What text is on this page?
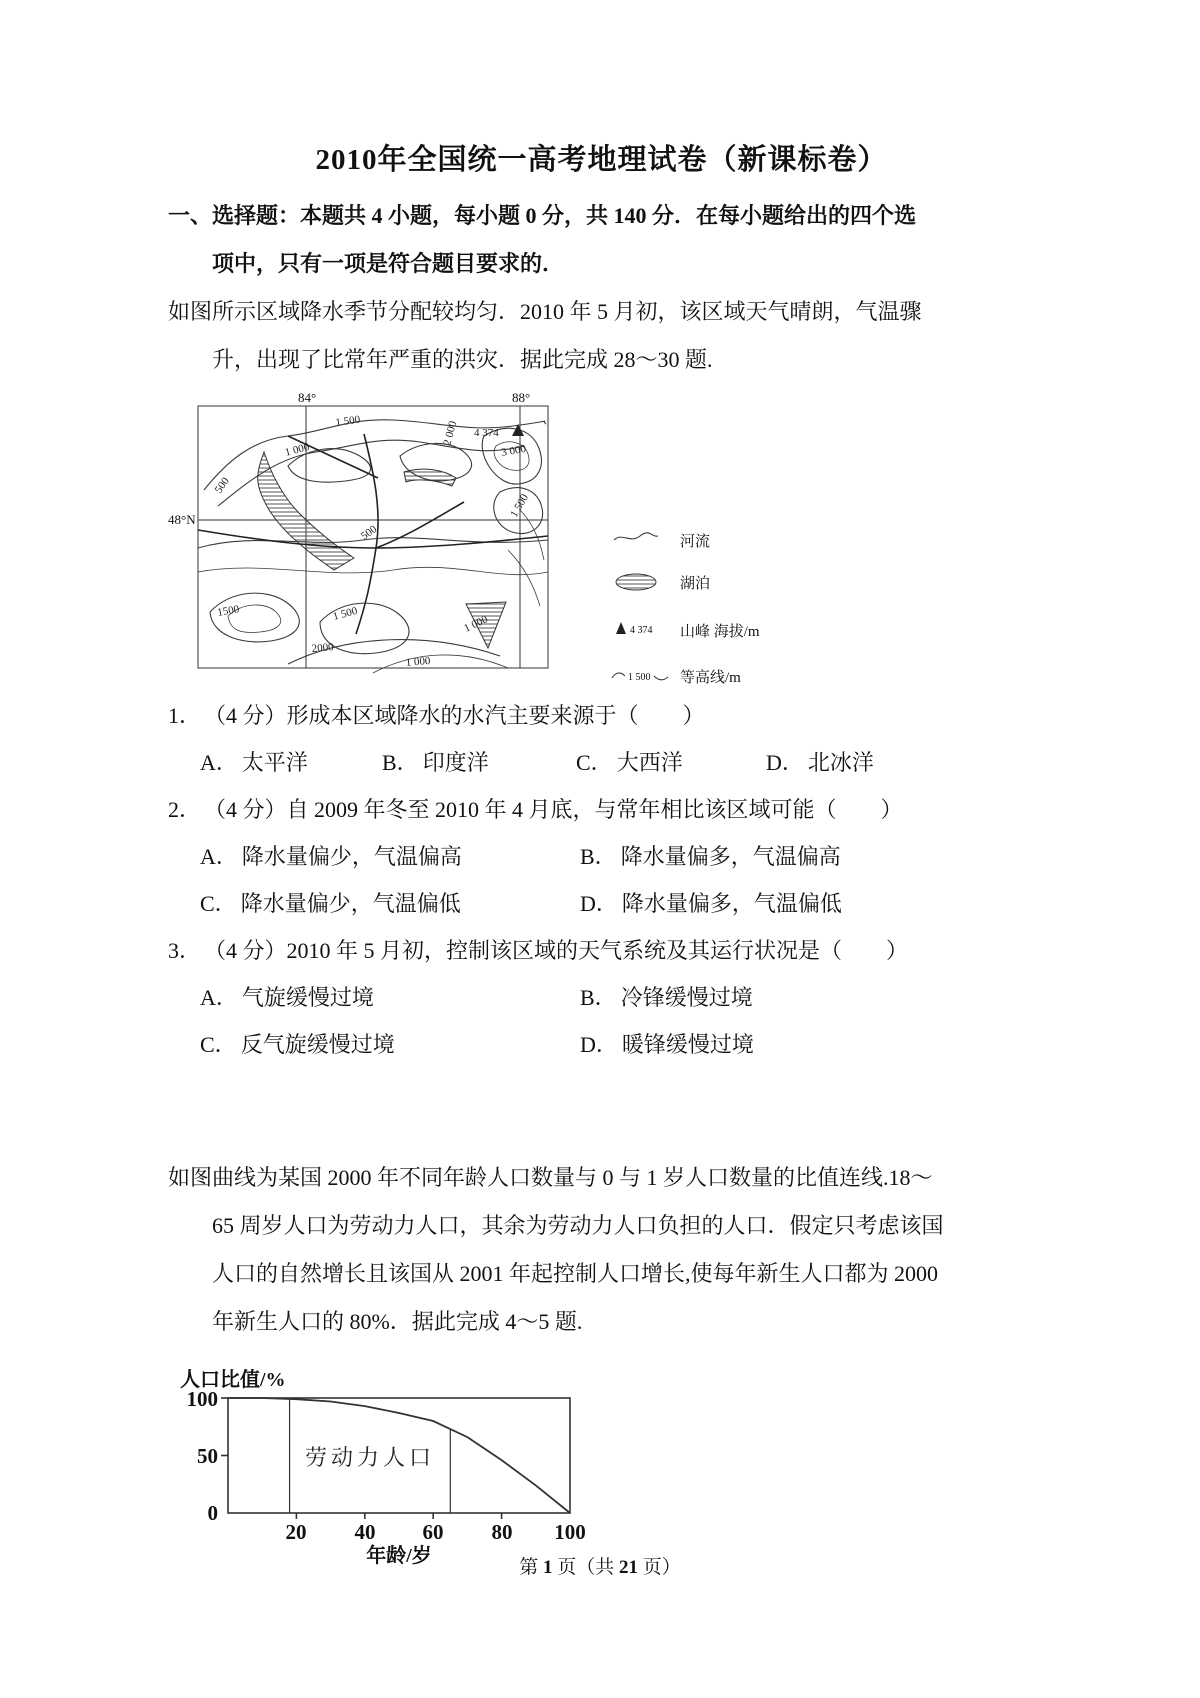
2010年全国统一高考地理试卷（新课标卷）
一、选择题：本题共 4 小题，每小题 0 分，共 140 分．在每小题给出的四个选
项中，只有一项是符合题目要求的．
如图所示区域降水季节分配较均匀．2010 年 5 月初，该区域天气晴朗，气温骤
升，出现了比常年严重的洪灾．据此完成 28～30 题.
84°	88°
48°N
4 374
1 500
1 000
500
2 000
3 000
500
1 500
1500	1 500	1 000
2000
1 000
河流
湖泊
4 374 山峰 海拔/m
1 500 等高线/m
1． （4 分）形成本区域降水的水汽主要来源于（　　）
A． 太平洋	B． 印度洋	C． 大西洋	D． 北冰洋
2． （4 分）自 2009 年冬至 2010 年 4 月底，与常年相比该区域可能（　　）
A． 降水量偏少，气温偏高	B． 降水量偏多，气温偏高
C． 降水量偏少，气温偏低	D． 降水量偏多，气温偏低
3． （4 分）2010 年 5 月初，控制该区域的天气系统及其运行状况是（　　）
A． 气旋缓慢过境	B． 冷锋缓慢过境
C． 反气旋缓慢过境	D． 暖锋缓慢过境
如图曲线为某国 2000 年不同年龄人口数量与 0 与 1 岁人口数量的比值连线.18～
65 周岁人口为劳动力人口，其余为劳动力人口负担的人口．假定只考虑该国
人口的自然增长且该国从 2001 年起控制人口增长,使每年新生人口都为 2000
年新生人口的 80%．据此完成 4～5 题.
人口比值/%
100
50
0
20 40 60 80 100
劳动力人口
年龄/岁
第 1 页（共 21 页）
